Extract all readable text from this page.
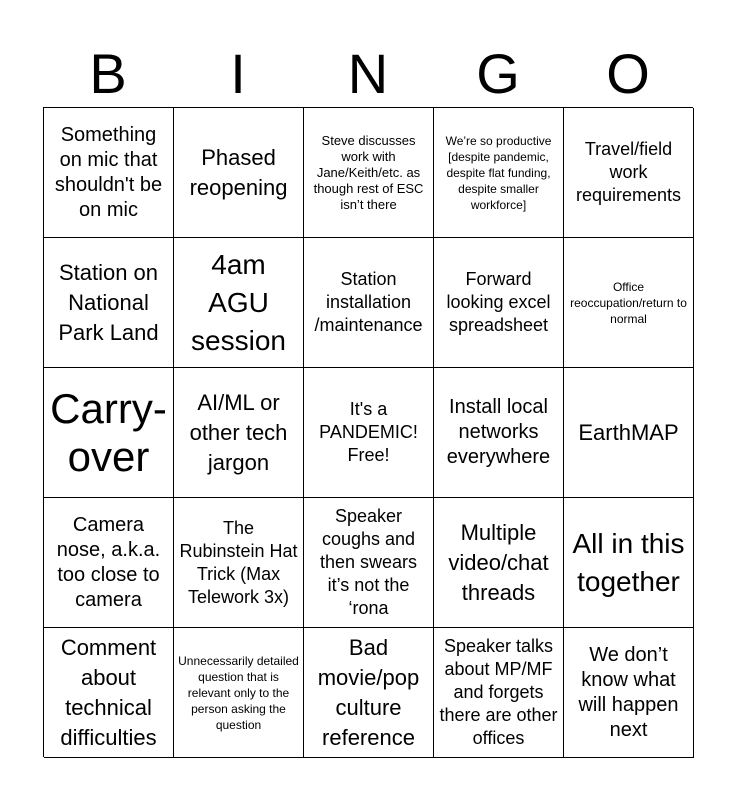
B	I	N	G	O
Something on mic that shouldn't be on mic
Phased reopening
Steve discusses work with Jane/Keith/etc. as though rest of ESC isn’t there
We’re so productive [despite pandemic, despite flat funding, despite smaller workforce]
Travel/field work requirements
Station on National Park Land
4am AGU session
Station installation /maintenance
Forward looking excel spreadsheet
Office reoccupation/return to normal
Carry-over
AI/ML or other tech jargon
It's a PANDEMIC! Free!
Install local networks everywhere
EarthMAP
Camera nose, a.k.a. too close to camera
The Rubinstein Hat Trick (Max Telework 3x)
Speaker coughs and then swears it’s not the ‘rona
Multiple video/chat threads
All in this together
Comment about technical difficulties
Unnecessarily detailed question that is relevant only to the person asking the question
Bad movie/pop culture reference
Speaker talks about MP/MF and forgets there are other offices
We don’t know what will happen next
